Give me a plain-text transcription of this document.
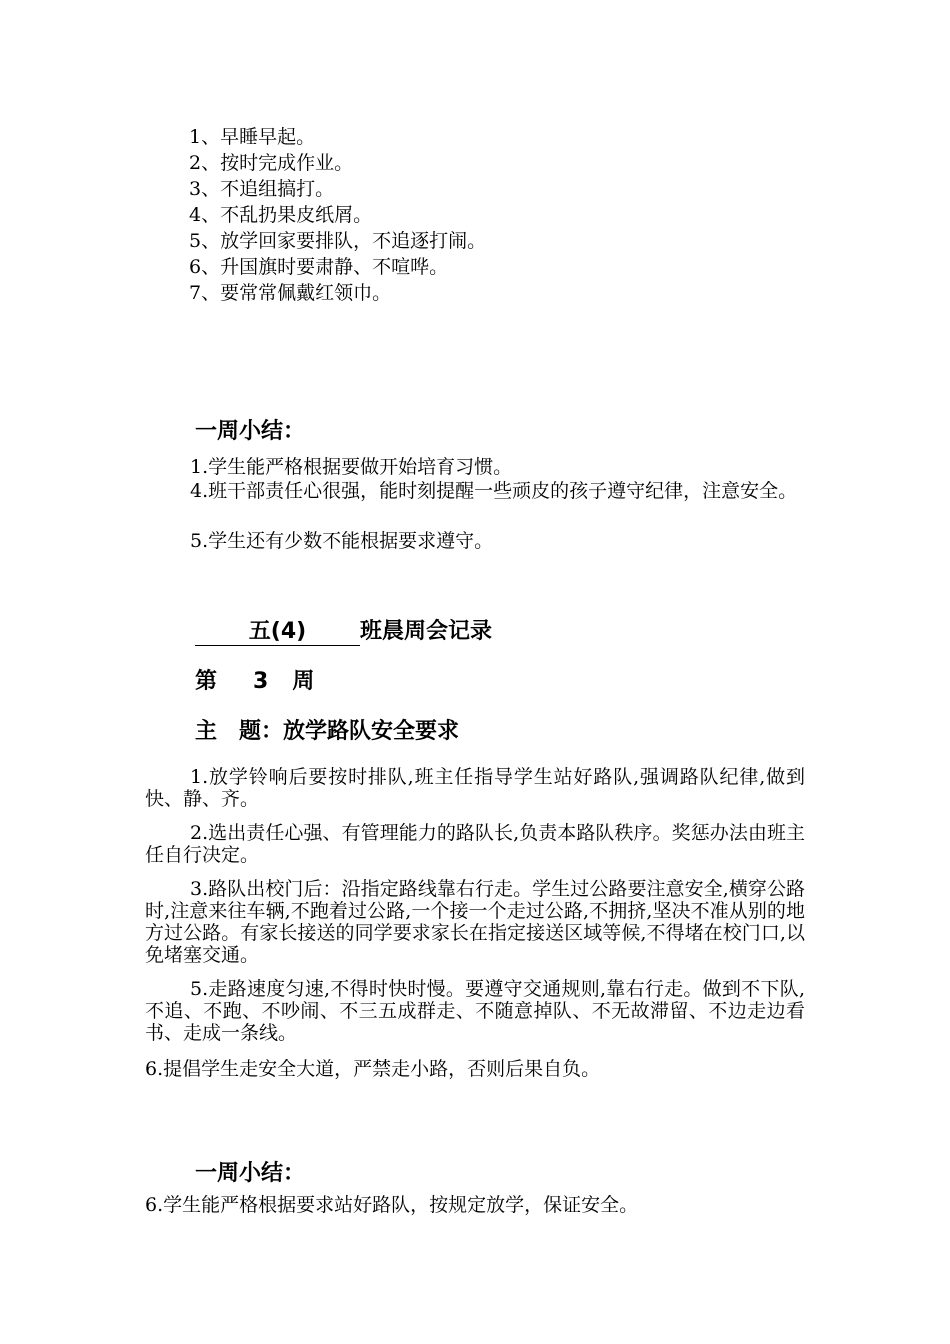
1、早睡早起。
2、按时完成作业。
3、不追组搞打。
4、不乱扔果皮纸屑。
5、放学回家要排队，不追逐打闹。
6、升国旗时要肃静、不喧哗。
7、要常常佩戴红领巾。
一周小结：
1.学生能严格根据要做开始培育习惯。
4.班干部责任心很强，能时刻提醒一些顽皮的孩子遵守纪律，注意安全。
5.学生还有少数不能根据要求遵守。
五(4) 班晨周会记录
第 3 周
主 题：放学路队安全要求
1.放学铃响后要按时排队,班主任指导学生站好路队,强调路队纪律,做到快、静、齐。
2.选出责任心强、有管理能力的路队长,负责本路队秩序。奖惩办法由班主任自行决定。
3.路队出校门后：沿指定路线靠右行走。学生过公路要注意安全,横穿公路时,注意来往车辆,不跑着过公路,一个接一个走过公路,不拥挤,坚决不准从别的地方过公路。有家长接送的同学要求家长在指定接送区域等候,不得堵在校门口,以免堵塞交通。
5.走路速度匀速,不得时快时慢。要遵守交通规则,靠右行走。做到不下队,不追、不跑、不吵闹、不三五成群走、不随意掉队、不无故滞留、不边走边看书、走成一条线。
6.提倡学生走安全大道，严禁走小路，否则后果自负。
一周小结：
6.学生能严格根据要求站好路队，按规定放学，保证安全。
